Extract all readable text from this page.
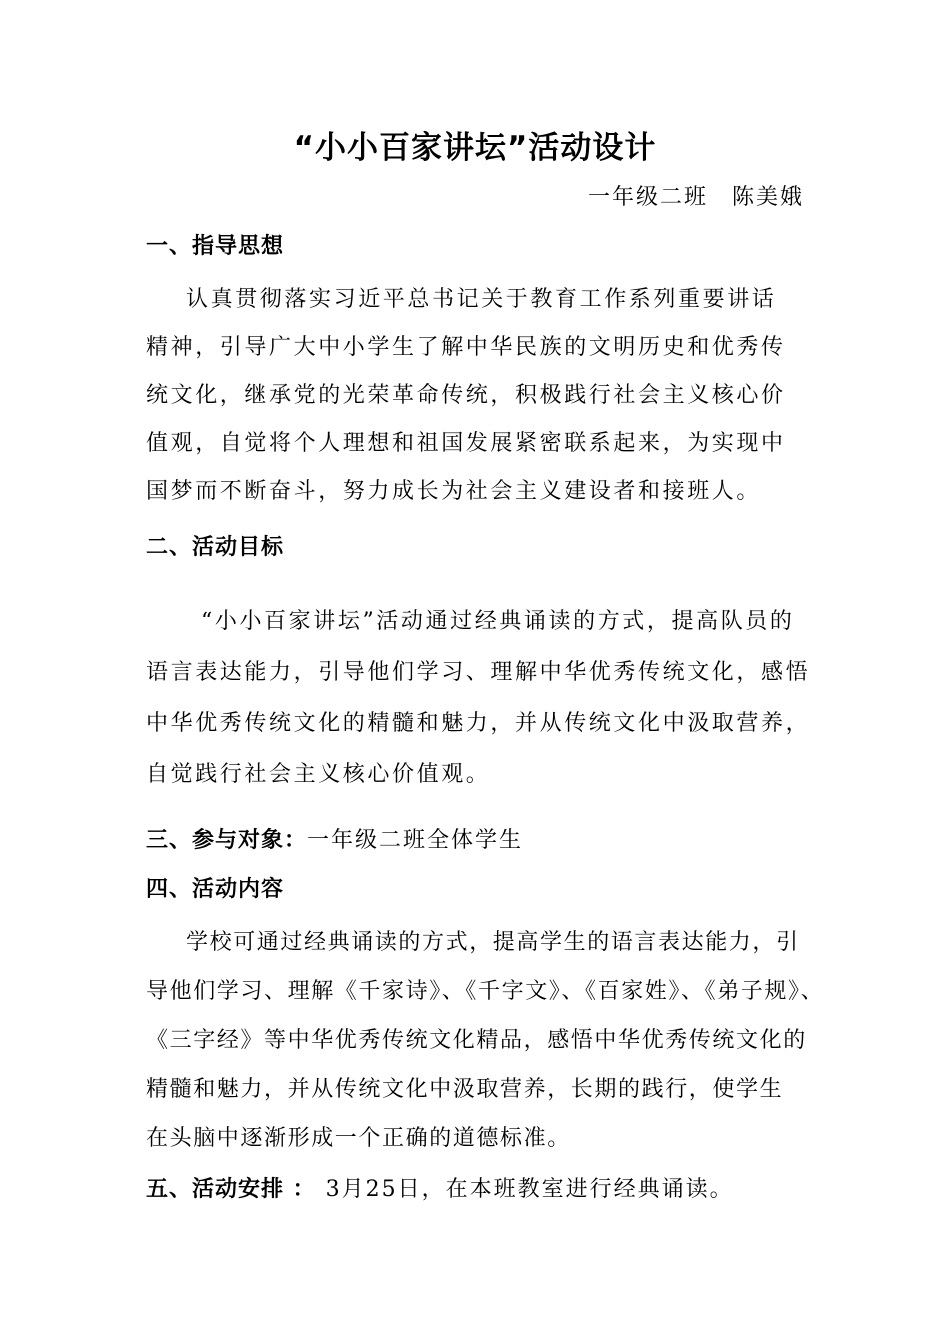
“小小百家讲坛”活动设计
一年级二班　陈美娥
一、指导思想
认真贯彻落实习近平总书记关于教育工作系列重要讲话
精神，引导广大中小学生了解中华民族的文明历史和优秀传
统文化，继承党的光荣革命传统，积极践行社会主义核心价
值观，自觉将个人理想和祖国发展紧密联系起来，为实现中
国梦而不断奋斗，努力成长为社会主义建设者和接班人。
二、活动目标
“小小百家讲坛”活动通过经典诵读的方式，提高队员的
语言表达能力，引导他们学习、理解中华优秀传统文化，感悟
中华优秀传统文化的精髓和魅力，并从传统文化中汲取营养，
自觉践行社会主义核心价值观。
三、参与对象：一年级二班全体学生
四、活动内容
学校可通过经典诵读的方式，提高学生的语言表达能力，引
导他们学习、理解《千家诗》、《千字文》、《百家姓》、《弟子规》、
《三字经》等中华优秀传统文化精品，感悟中华优秀传统文化的
精髓和魅力，并从传统文化中汲取营养，长期的践行，使学生
在头脑中逐渐形成一个正确的道德标准。
五、活动安排 ： 3月25日，在本班教室进行经典诵读。
